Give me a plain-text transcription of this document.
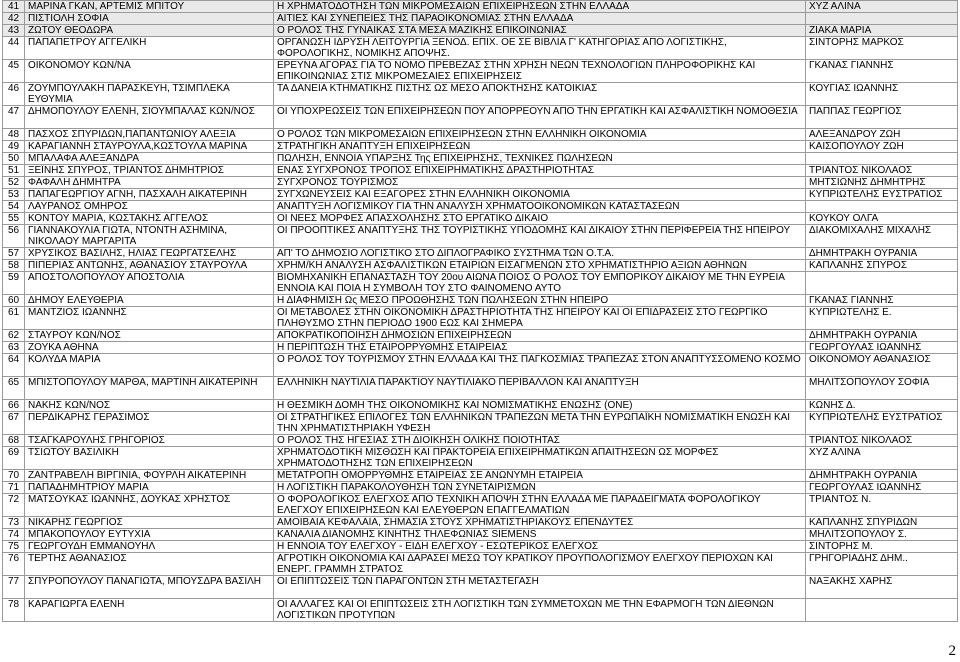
41	ΜΑΡΙΝΑ ΓΚΑΝ, ΑΡΤΕΜΙΣ ΜΠΙΤΟΥ	Η ΧΡΗΜΑΤΟΔΟΤΗΣΗ ΤΩΝ ΜΙΚΡΟΜΕΣΑΙΩΝ ΕΠΙΧΕΙΡΗΣΕΩΝ ΣΤΗΝ ΕΛΛΑΔΑ	ΧΥΖ ΑΛΙΝΑ
42	ΠΙΣΤΙΟΛΗ ΣΟΦΙΑ	ΑΙΤΙΕΣ ΚΑΙ ΣΥΝΕΠΕΙΕΣ ΤΗΣ ΠΑΡΑΟΙΚΟΝΟΜΙΑΣ ΣΤΗΝ ΕΛΛΑΔΑ	
43	ΖΩΤΟΥ ΘΕΟΔΩΡΑ	Ο ΡΟΛΟΣ ΤΗΣ ΓΥΝΑΙΚΑΣ ΣΤΑ ΜΕΣΑ ΜΑΖΙΚΗΣ ΕΠΙΚΟΙΝΩΝΙΑΣ	ΖΙΑΚΑ ΜΑΡΙΑ
44	ΠΑΠΑΠΕΤΡΟΥ ΑΓΓΕΛΙΚΗ	ΟΡΓΑΝΩΣΗ ΙΔΡΥΣΗ ΛΕΙΤΟΥΡΓΙΑ ΞΕΝΟΔ. ΕΠΙΧ. ΟΕ ΣΕ ΒΙΒΛΙΑ Γ' ΚΑΤΗΓΟΡΙΑΣ ΑΠΟ ΛΟΓΙΣΤΙΚΗΣ, ΦΟΡΟΛΟΓΙΚΗΣ, ΝΟΜΙΚΗΣ ΑΠΟΨΗΣ.	ΣΙΝΤΟΡΗΣ ΜΑΡΚΟΣ
45	ΟΙΚΟΝΟΜΟΥ ΚΩΝ/ΝΑ	ΕΡΕΥΝΑ ΑΓΟΡΑΣ ΓΙΑ ΤΟ ΝΟΜΟ ΠΡΕΒΕΖΑΣ ΣΤΗΝ ΧΡΗΣΗ ΝΕΩΝ ΤΕΧΝΟΛΟΓΙΩΝ ΠΛΗΡΟΦΟΡΙΚΗΣ ΚΑΙ ΕΠΙΚΟΙΝΩΝΙΑΣ ΣΤΙΣ ΜΙΚΡΟΜΕΣΑΙΕΣ ΕΠΙΧΕΙΡΗΣΕΙΣ	ΓΚΑΝΑΣ ΓΙΑΝΝΗΣ
46	ΖΟΥΜΠΟΥΛΑΚΗ ΠΑΡΑΣΚΕΥΗ, ΤΣΙΜΠΛΕΚΑ ΕΥΘΥΜΙΑ	ΤΑ ΔΑΝΕΙΑ ΚΤΗΜΑΤΙΚΗΣ ΠΙΣΤΗΣ ΩΣ ΜΕΣΟ ΑΠΟΚΤΗΣΗΣ ΚΑΤΟΙΚΙΑΣ	ΚΟΥΓΙΑΣ ΙΩΑΝΝΗΣ
47	ΔΗΜΟΠΟΥΛΟΥ ΕΛΕΝΗ, ΣΙΟΥΜΠΑΛΑΣ ΚΩΝ/ΝΟΣ	ΟΙ ΥΠΟΧΡΕΩΣΕΙΣ ΤΩΝ ΕΠΙΧΕΙΡΗΣΕΩΝ ΠΟΥ ΑΠΟΡΡΕΟΥΝ ΑΠΟ ΤΗΝ ΕΡΓΑΤΙΚΗ ΚΑΙ ΑΣΦΑΛΙΣΤΙΚΗ ΝΟΜΟΘΕΣΙΑ	ΠΑΠΠΑΣ ΓΕΩΡΓΙΟΣ
48	ΠΑΣΧΟΣ ΣΠΥΡΙΔΩΝ,ΠΑΠΑΝΤΩΝΙΟΥ ΑΛΕΞΙΑ	Ο ΡΟΛΟΣ ΤΩΝ ΜΙΚΡΟΜΕΣΑΙΩΝ ΕΠΙΧΕΙΡΗΣΕΩΝ ΣΤΗΝ ΕΛΛΗΝΙΚΗ ΟΙΚΟΝΟΜΙΑ	ΑΛΕΞΑΝΔΡΟΥ ΖΩΗ
49	ΚΑΡΑΓΙΑΝΝΗ ΣΤΑΥΡΟΥΛΑ,ΚΩΣΤΟΥΛΑ ΜΑΡΙΝΑ	ΣΤΡΑΤΗΓΙΚΗ ΑΝΑΠΤΥΞΗ ΕΠΙΧΕΙΡΗΣΕΩΝ	ΚΑΙΣΟΠΟΥΛΟΥ ΖΩΗ
50	ΜΠΑΛΑΦΑ ΑΛΕΞΑΝΔΡΑ	ΠΩΛΗΣΗ, ΕΝΝΟΙΑ ΥΠΑΡΞΗΣ Της ΕΠΙΧΕΙΡΗΣΗΣ, ΤΕΧΝΙΚΕΣ ΠΩΛΗΣΕΩΝ	
51	ΞΕΪΝΗΣ ΣΠΥΡΟΣ, ΤΡΙΑΝΤΟΣ ΔΗΜΗΤΡΙΟΣ	ΕΝΑΣ ΣΥΓΧΡΟΝΟΣ ΤΡΟΠΟΣ ΕΠΙΧΕΙΡΗΜΑΤΙΚΗΣ ΔΡΑΣΤΗΡΙΟΤΗΤΑΣ	ΤΡΙΑΝΤΟΣ ΝΙΚΟΛΑΟΣ
52	ΦΑΦΑΛΗ ΔΗΜΗΤΡΑ	ΣΥΓΧΡΟΝΟΣ ΤΟΥΡΙΣΜΟΣ	ΜΗΤΣΙΩΝΗΣ ΔΗΜΗΤΡΗΣ
53	ΠΑΠΑΓΕΩΡΓΙΟΥ ΑΓΝΗ, ΠΑΣΧΑΛΗ ΑΙΚΑΤΕΡΙΝΗ	ΣΥΓΧΩΝΕΥΣΕΙΣ ΚΑΙ ΕΞΑΓΟΡΕΣ ΣΤΗΝ ΕΛΛΗΝΙΚΗ ΟΙΚΟΝΟΜΙΑ	ΚΥΠΡΙΩΤΕΛΗΣ ΕΥΣΤΡΑΤΙΟΣ
54	ΛΑΥΡΑΝΟΣ ΟΜΗΡΟΣ	ΑΝΑΠΤΥΞΗ ΛΟΓΙΣΜΙΚΟΥ ΓΙΑ ΤΗΝ ΑΝΑΛΥΣΗ ΧΡΗΜΑΤΟΟΙΚΟΝΟΜΙΚΩΝ ΚΑΤΑΣΤΑΣΕΩΝ	
55	ΚΟΝΤΟΥ ΜΑΡΙΑ, ΚΩΣΤΑΚΗΣ ΑΓΓΕΛΟΣ	ΟΙ ΝΕΕΣ ΜΟΡΦΕΣ ΑΠΑΣΧΟΛΗΣΗΣ ΣΤΟ ΕΡΓΑΤΙΚΟ ΔΙΚΑΙΟ	ΚΟΥΚΟΥ ΟΛΓΑ
56	ΓΙΑΝΝΑΚΟΥΛΙΑ ΓΙΩΤΑ, ΝΤΟΝΤΗ ΑΣΗΜΙΝΑ, ΝΙΚΟΛΑΟΥ ΜΑΡΓΑΡΙΤΑ	ΟΙ ΠΡΟΟΠΤΙΚΕΣ ΑΝΑΠΤΥΞΗΣ ΤΗΣ ΤΟΥΡΙΣΤΙΚΗΣ ΥΠΟΔΟΜΗΣ ΚΑΙ ΔΙΚΑΙΟΥ ΣΤΗΝ ΠΕΡΙΦΕΡΕΙΑ ΤΗΣ ΗΠΕΙΡΟΥ	ΔΙΑΚΟΜΙΧΑΛΗΣ ΜΙΧΑΛΗΣ
57	ΧΡΥΣΙΚΟΣ ΒΑΣΙΛΗΣ, ΗΛΙΑΣ ΓΕΩΡΓΑΤΣΕΛΗΣ	ΑΠ' ΤΟ ΔΗΜΟΣΙΟ ΛΟΓΙΣΤΙΚΟ ΣΤΟ ΔΙΠΛΟΓΡΑΦΙΚΟ ΣΥΣΤΗΜΑ ΤΩΝ Ο.Τ.Α.	ΔΗΜΗΤΡΑΚΗ ΟΥΡΑΝΙΑ
58	ΠΙΠΕΡΙΑΣ ΑΝΤΩΝΗΣ, ΑΘΑΝΑΣΙΟΥ ΣΤΑΥΡΟΥΛΑ	ΧΡΗΜ/ΚΗ ΑΝΑΛΥΣΗ ΑΣΦΑΛΙΣΤΙΚΩΝ ΕΤΑΙΡΙΩΝ ΕΙΣΑΓΜΕΝΩΝ ΣΤΟ ΧΡΗΜΑΤΙΣΤΗΡΙΟ ΑΞΙΩΝ ΑΘΗΝΩΝ	ΚΑΠΛΑΝΗΣ ΣΠΥΡΟΣ
59	ΑΠΟΣΤΟΛΟΠΟΥΛΟΥ ΑΠΟΣΤΟΛΙΑ	ΒΙΟΜΗΧΑΝΙΚΗ ΕΠΑΝΑΣΤΑΣΗ ΤΟΥ 20ου ΑΙΩΝΑ ΠΟΙΟΣ Ο ΡΟΛΟΣ ΤΟΥ ΕΜΠΟΡΙΚΟΥ ΔΙΚΑΙΟΥ ΜΕ ΤΗΝ ΕΥΡΕΙΑ ΕΝΝΟΙΑ ΚΑΙ ΠΟΙΑ Η ΣΥΜΒΟΛΗ ΤΟΥ ΣΤΟ ΦΑΙΝΟΜΕΝΟ ΑΥΤΟ	
60	ΔΗΜΟΥ ΕΛΕΥΘΕΡΙΑ	Η ΔΙΑΦΗΜΙΣΗ Ως ΜΕΣΟ ΠΡΟΩΘΗΣΗΣ ΤΩΝ ΠΩΛΗΣΕΩΝ ΣΤΗΝ ΗΠΕΙΡΟ	ΓΚΑΝΑΣ ΓΙΑΝΝΗΣ
61	ΜΑΝΤΖΙΟΣ ΙΩΑΝΝΗΣ	ΟΙ ΜΕΤΑΒΟΛΕΣ ΣΤΗΝ ΟΙΚΟΝΟΜΙΚΗ ΔΡΑΣΤΗΡΙΟΤΗΤΑ ΤΗΣ ΗΠΕΙΡΟΥ ΚΑΙ ΟΙ ΕΠΙΔΡΑΣΕΙΣ ΣΤΟ ΓΕΩΡΓΙΚΟ ΠΛΗΘΥΣΜΟ ΣΤΗΝ ΠΕΡΙΟΔΟ 1900 ΕΩΣ ΚΑΙ ΣΗΜΕΡΑ	ΚΥΠΡΙΩΤΕΛΗΣ Ε.
62	ΣΤΑΥΡΟΥ ΚΩΝ/ΝΟΣ	ΑΠΟΚΡΑΤΙΚΟΠΟΙΗΣΗ ΔΗΜΟΣΙΩΝ ΕΠΙΧΕΙΡΗΣΕΩΝ	ΔΗΜΗΤΡΑΚΗ ΟΥΡΑΝΙΑ
63	ΖΟΥΚΑ ΑΘΗΝΑ	Η ΠΕΡΙΠΤΩΣΗ ΤΗΣ ΕΤΑΙΡΟΡΡΥΘΜΗΣ ΕΤΑΙΡΕΙΑΣ	ΓΕΩΡΓΟΥΛΑΣ ΙΩΑΝΝΗΣ
64	ΚΟΛΥΔΑ ΜΑΡΙΑ	Ο ΡΟΛΟΣ ΤΟΥ ΤΟΥΡΙΣΜΟΥ ΣΤΗΝ ΕΛΛΑΔΑ ΚΑΙ ΤΗΣ ΠΑΓΚΟΣΜΙΑΣ ΤΡΑΠΕΖΑΣ ΣΤΟΝ ΑΝΑΠΤΥΣΣΟΜΕΝΟ ΚΟΣΜΟ	ΟΙΚΟΝΟΜΟΥ ΑΘΑΝΑΣΙΟΣ
65	ΜΠΙΣΤΟΠΟΥΛΟΥ ΜΑΡΘΑ, ΜΑΡΤΙΝΗ ΑΙΚΑΤΕΡΙΝΗ	ΕΛΛΗΝΙΚΗ ΝΑΥΤΙΛΙΑ ΠΑΡΑΚΤΙΟΥ ΝΑΥΤΙΛΙΑΚΟ ΠΕΡΙΒΑΛΛΟΝ ΚΑΙ ΑΝΑΠΤΥΞΗ	ΜΗΛΙΤΣΟΠΟΥΛΟΥ ΣΟΦΙΑ
66	ΝΑΚΗΣ ΚΩΝ/ΝΟΣ	Η ΘΕΣΜΙΚΗ ΔΟΜΗ ΤΗΣ ΟΙΚΟΝΟΜΙΚΗΣ ΚΑΙ ΝΟΜΙΣΜΑΤΙΚΗΣ ΕΝΩΣΗΣ (ΟΝΕ)	ΚΩΝΗΣ Δ.
67	ΠΕΡΔΙΚΑΡΗΣ ΓΕΡΑΣΙΜΟΣ	ΟΙ ΣΤΡΑΤΗΓΙΚΕΣ ΕΠΙΛΟΓΕΣ ΤΩΝ ΕΛΛΗΝΙΚΩΝ ΤΡΑΠΕΖΩΝ ΜΕΤΑ ΤΗΝ ΕΥΡΩΠΑΪΚΗ ΝΟΜΙΣΜΑΤΙΚΗ ΕΝΩΣΗ ΚΑΙ ΤΗΝ ΧΡΗΜΑΤΙΣΤΗΡΙΑΚΗ ΥΦΕΣΗ	ΚΥΠΡΙΩΤΕΛΗΣ ΕΥΣΤΡΑΤΙΟΣ
68	ΤΣΑΓΚΑΡΟΥΛΗΣ ΓΡΗΓΟΡΙΟΣ	Ο ΡΟΛΟΣ ΤΗΣ ΗΓΕΣΙΑΣ ΣΤΗ ΔΙΟΙΚΗΣΗ ΟΛΙΚΗΣ ΠΟΙΟΤΗΤΑΣ	ΤΡΙΑΝΤΟΣ ΝΙΚΟΛΑΟΣ
69	ΤΣΙΩΤΟΥ ΒΑΣΙΛΙΚΗ	ΧΡΗΜΑΤΟΔΟΤΙΚΗ ΜΙΣΘΩΣΗ ΚΑΙ ΠΡΑΚΤΟΡΕΙΑ ΕΠΙΧΕΙΡΗΜΑΤΙΚΩΝ ΑΠΑΙΤΗΣΕΩΝ ΩΣ ΜΟΡΦΕΣ ΧΡΗΜΑΤΟΔΟΤΗΣΗΣ ΤΩΝ ΕΠΙΧΕΙΡΗΣΕΩΝ	ΧΥΖ ΑΛΙΝΑ
70	ΖΑΝΤΡΑΒΕΛΗ ΒΙΡΓΙΝΙΑ, ΦΟΥΡΛΗ ΑΙΚΑΤΕΡΙΝΗ	ΜΕΤΑΤΡΟΠΗ ΟΜΟΡΡΥΘΜΗΣ ΕΤΑΙΡΕΙΑΣ ΣΕ ΑΝΩΝΥΜΗ ΕΤΑΙΡΕΙΑ	ΔΗΜΗΤΡΑΚΗ ΟΥΡΑΝΙΑ
71	ΠΑΠΑΔΗΜΗΤΡΙΟΥ ΜΑΡΙΑ	Η ΛΟΓΙΣΤΙΚΗ ΠΑΡΑΚΟΛΟΥΘΗΣΗ ΤΩΝ ΣΥΝΕΤΑΙΡΙΣΜΩΝ	ΓΕΩΡΓΟΥΛΑΣ ΙΩΑΝΝΗΣ
72	ΜΑΤΣΟΥΚΑΣ ΙΩΑΝΝΗΣ, ΔΟΥΚΑΣ ΧΡΗΣΤΟΣ	Ο ΦΟΡΟΛΟΓΙΚΟΣ ΕΛΕΓΧΟΣ ΑΠΟ ΤΕΧΝΙΚΗ ΑΠΟΨΗ ΣΤΗΝ ΕΛΛΑΔΑ ΜΕ ΠΑΡΑΔΕΙΓΜΑΤΑ ΦΟΡΟΛΟΓΙΚΟΥ ΕΛΕΓΧΟΥ ΕΠΙΧΕΙΡΗΣΕΩΝ ΚΑΙ ΕΛΕΥΘΕΡΩΝ ΕΠΑΓΓΕΛΜΑΤΙΩΝ	ΤΡΙΑΝΤΟΣ Ν.
73	ΝΙΚΑΡΗΣ ΓΕΩΡΓΙΟΣ	ΑΜΟΙΒΑΙΑ ΚΕΦΑΛΑΙΑ, ΣΗΜΑΣΙΑ ΣΤΟΥΣ ΧΡΗΜΑΤΙΣΤΗΡΙΑΚΟΥΣ ΕΠΕΝΔΥΤΕΣ	ΚΑΠΛΑΝΗΣ ΣΠΥΡΙΔΩΝ
74	ΜΠΑΚΟΠΟΥΛΟΥ ΕΥΤΥΧΙΑ	ΚΑΝΑΛΙΑ ΔΙΑΝΟΜΗΣ ΚΙΝΗΤΗΣ ΤΗΛΕΦΩΝΙΑΣ SIEMENS	ΜΗΛΙΤΣΟΠΟΥΛΟΥ Σ.
75	ΓΕΩΡΓΟΥΔΗ ΕΜΜΑΝΟΥΗΛ	Η ΕΝΝΟΙΑ ΤΟΥ ΕΛΕΓΧΟΥ - ΕΙΔΗ ΕΛΕΓΧΟΥ - ΕΣΩΤΕΡΙΚΟΣ ΕΛΕΓΧΟΣ	ΣΙΝΤΟΡΗΣ Μ.
76	ΤΕΡΤΗΣ ΑΘΑΝΑΣΙΟΣ	ΑΓΡΟΤΙΚΗ ΟΙΚΟΝΟΜΙΑ ΚΑΙ ΔΑΡΑΣΕΙ ΜΕΣΩ ΤΟΥ ΚΡΑΤΙΚΟΥ ΠΡΟΥΠΟΛΟΓΙΣΜΟΥ ΕΛΕΓΧΟΥ ΠΕΡΙΟΧΩΝ ΚΑΙ ΕΝΕΡΓ. ΓΡΑΜΜΗ ΣΤΡΑΤΟΣ	ΓΡΗΓΟΡΙΑΔΗΣ ΔΗΜ..
77	ΣΠΥΡΟΠΟΥΛΟΥ ΠΑΝΑΓΙΩΤΑ, ΜΠΟΥΣΔΡΑ ΒΑΣΙΛΗ	ΟΙ ΕΠΙΠΤΩΣΕΙΣ ΤΩΝ ΠΑΡΑΓΟΝΤΩΝ ΣΤΗ ΜΕΤΑΣΤΕΓΑΣΗ	ΝΑΞΑΚΗΣ ΧΑΡΗΣ
78	ΚΑΡΑΓΙΩΡΓΑ ΕΛΕΝΗ	ΟΙ ΑΛΛΑΓΕΣ ΚΑΙ ΟΙ ΕΠΙΠΤΩΣΕΙΣ ΣΤΗ ΛΟΓΙΣΤΙΚΗ ΤΩΝ ΣΥΜΜΕΤΟΧΩΝ ΜΕ ΤΗΝ ΕΦΑΡΜΟΓΗ ΤΩΝ ΔΙΕΘΝΩΝ ΛΟΓΙΣΤΙΚΩΝ ΠΡΟΤΥΠΩΝ	
2
